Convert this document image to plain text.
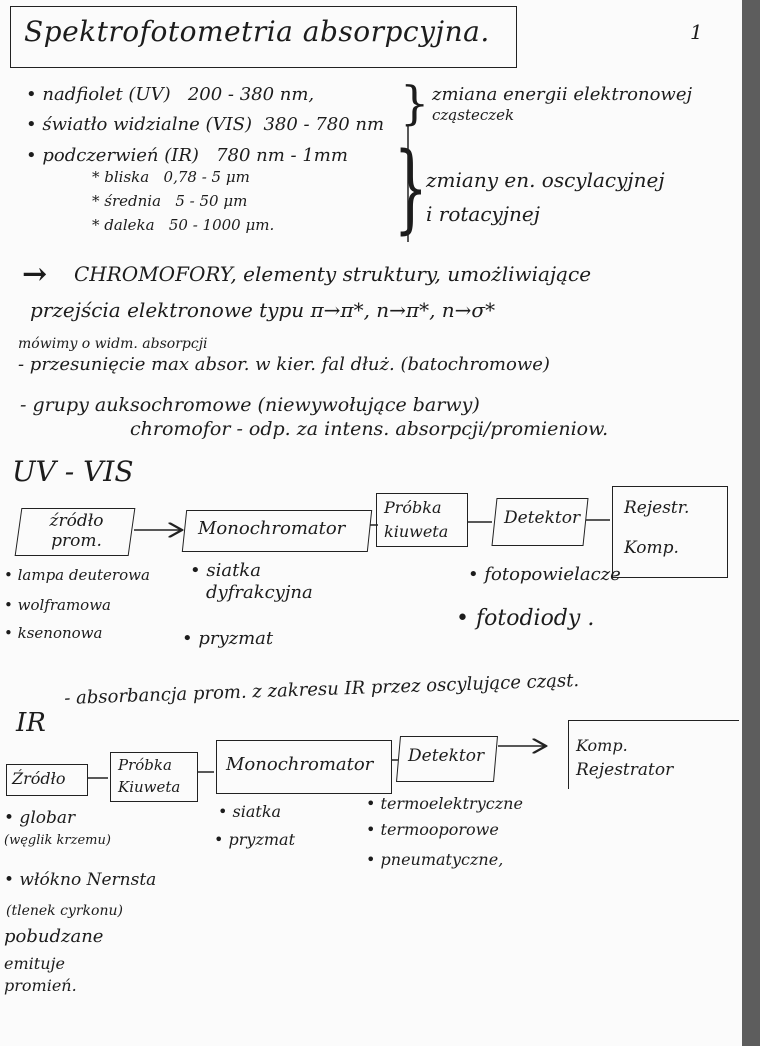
1
Spektrofotometria absorpcyjna.
• nadfiolet (UV) 200 - 380 nm,
• światło widzialne (VIS) 380 - 780 nm
• podczerwień (IR) 780 nm - 1mm
} zmiana energii elektronowej
cząsteczek
* bliska 0,78 - 5 μm
* średnia 5 - 50 μm
* daleka 50 - 1000 μm. }
zmiany en. oscylacyjnej
i rotacyjnej
→ CHROMOFORY, elementy struktury, umożliwiające
przejścia elektronowe typu π→π*, n→π*, n→σ*
mówimy o widm. absorpcji
- przesunięcie max absor. w kier. fal dłuż. (batochromowe)
- grupy auksochromowe (niewywołujące barwy)
chromofor - odp. za intens. absorpcji/promieniow.
UV - VIS
źródło prom.
Monochromator
Próbka
kiuweta
Detektor	Rejestr.
Komp.
• lampa deuterowa
• wolframowa
• ksenonowa
• siatka
dyfrakcyjna
• pryzmat
• fotopowielacze
• fotodiody .
IR
- absorbancja prom. z zakresu IR przez oscylujące cząst.
Źródło
Próbka
Kiuweta
Monochromator Detektor
Komp.
Rejestrator
• globar
(węglik krzemu)
• włókno Nernsta
(tlenek cyrkonu)
pobudzane
emituje
promień.
• siatka
• pryzmat
• termoelektryczne
• termooporowe
• pneumatyczne,
